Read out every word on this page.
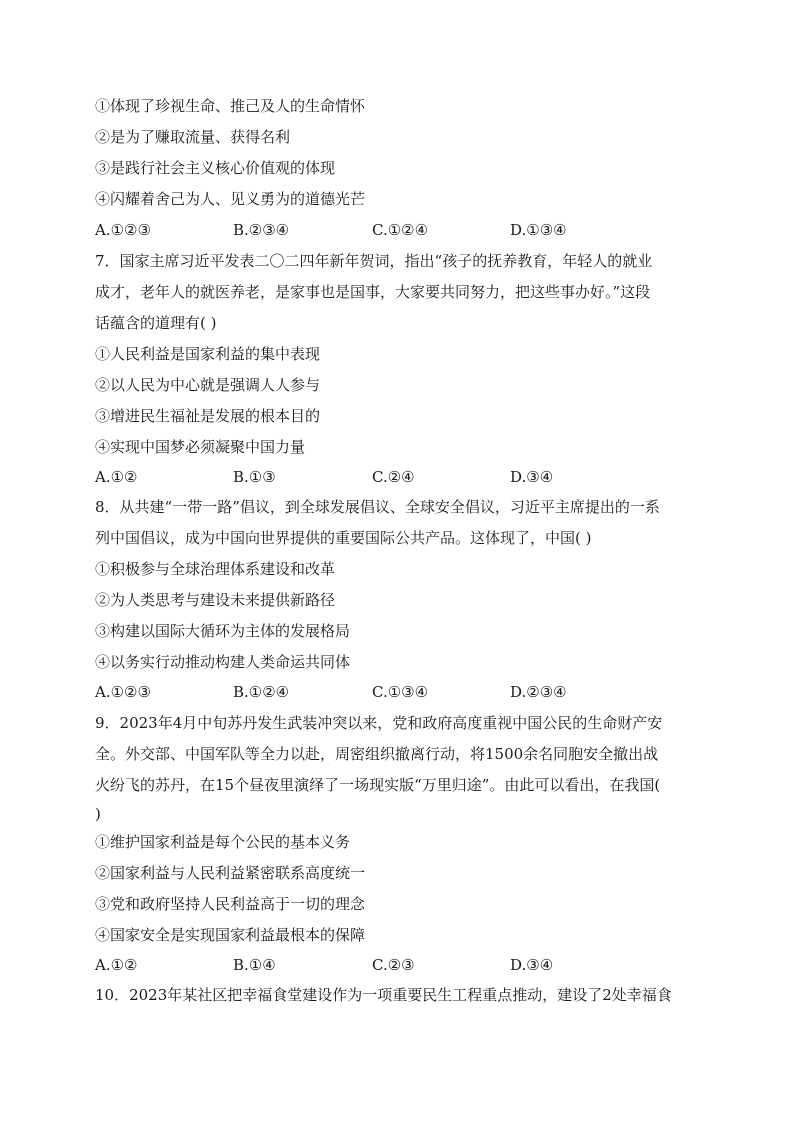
①体现了珍视生命、推己及人的生命情怀
②是为了赚取流量、获得名利
③是践行社会主义核心价值观的体现
④闪耀着舍己为人、见义勇为的道德光芒
A.①②③	B.②③④	C.①②④	D.①③④
7．国家主席习近平发表二〇二四年新年贺词，指出“孩子的抚养教育，年轻人的就业
成才，老年人的就医养老，是家事也是国事，大家要共同努力，把这些事办好。”这段
话蕴含的道理有( )
①人民利益是国家利益的集中表现
②以人民为中心就是强调人人参与
③增进民生福祉是发展的根本目的
④实现中国梦必须凝聚中国力量
A.①②	B.①③	C.②④	D.③④
8．从共建“一带一路”倡议，到全球发展倡议、全球安全倡议，习近平主席提出的一系
列中国倡议，成为中国向世界提供的重要国际公共产品。这体现了，中国( )
①积极参与全球治理体系建设和改革
②为人类思考与建设未来提供新路径
③构建以国际大循环为主体的发展格局
④以务实行动推动构建人类命运共同体
A.①②③	B.①②④	C.①③④	D.②③④
9．2023年4月中旬苏丹发生武装冲突以来，党和政府高度重视中国公民的生命财产安
全。外交部、中国军队等全力以赴，周密组织撤离行动，将1500余名同胞安全撤出战
火纷飞的苏丹，在15个昼夜里演绎了一场现实版“万里归途”。由此可以看出，在我国(
)
①维护国家利益是每个公民的基本义务
②国家利益与人民利益紧密联系高度统一
③党和政府坚持人民利益高于一切的理念
④国家安全是实现国家利益最根本的保障
A.①②	B.①④	C.②③	D.③④
10．2023年某社区把幸福食堂建设作为一项重要民生工程重点推动，建设了2处幸福食
